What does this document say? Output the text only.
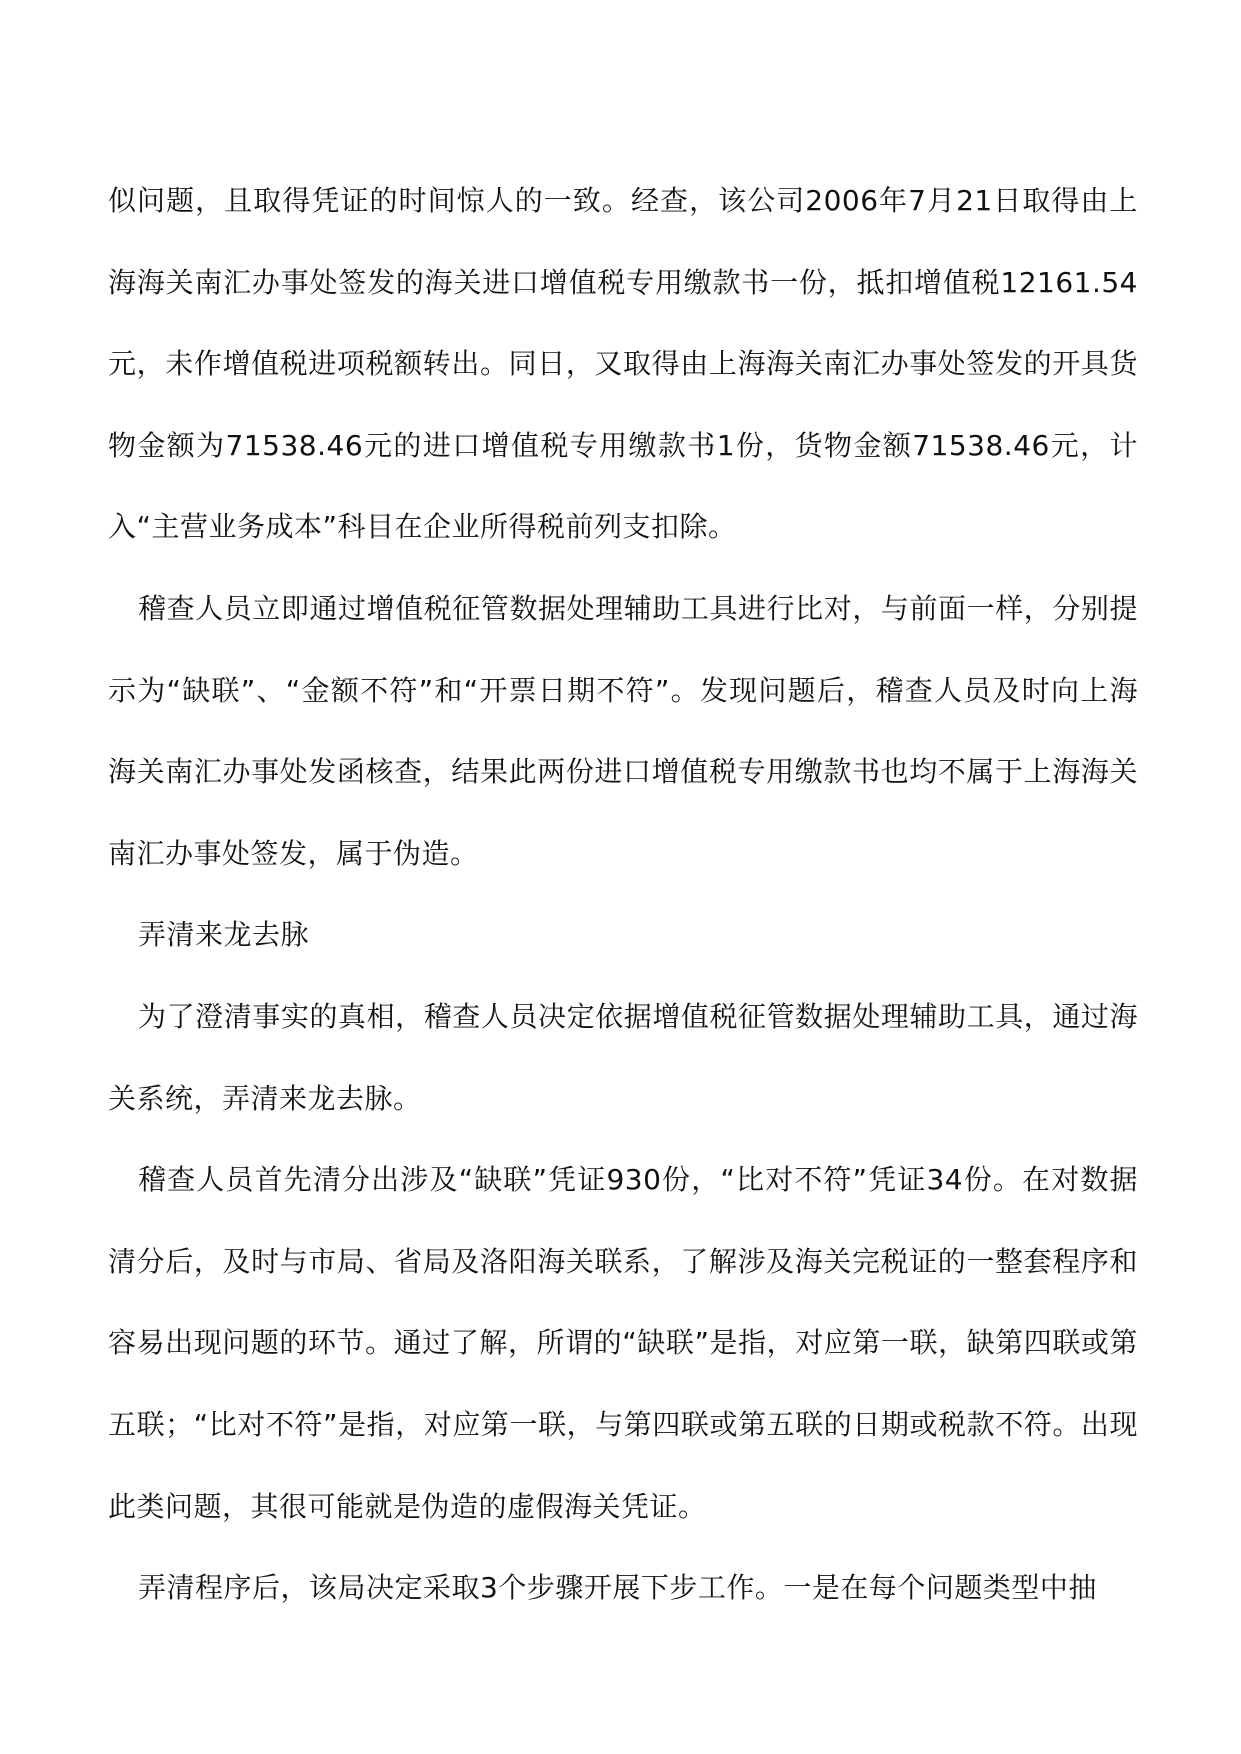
似问题，且取得凭证的时间惊人的一致。经查，该公司2006年7月21日取得由上海海关南汇办事处签发的海关进口增值税专用缴款书一份，抵扣增值税12161.54元，未作增值税进项税额转出。同日，又取得由上海海关南汇办事处签发的开具货物金额为71538.46元的进口增值税专用缴款书1份，货物金额71538.46元，计入“主营业务成本”科目在企业所得税前列支扣除。

稽查人员立即通过增值税征管数据处理辅助工具进行比对，与前面一样，分别提示为“缺联”、“金额不符”和“开票日期不符”。发现问题后，稽查人员及时向上海海关南汇办事处发函核查，结果此两份进口增值税专用缴款书也均不属于上海海关南汇办事处签发，属于伪造。

弄清来龙去脉

为了澄清事实的真相，稽查人员决定依据增值税征管数据处理辅助工具，通过海关系统，弄清来龙去脉。

稽查人员首先清分出涉及“缺联”凭证930份，“比对不符”凭证34份。在对数据清分后，及时与市局、省局及洛阳海关联系，了解涉及海关完税证的一整套程序和容易出现问题的环节。通过了解，所谓的“缺联”是指，对应第一联，缺第四联或第五联；“比对不符”是指，对应第一联，与第四联或第五联的日期或税款不符。出现此类问题，其很可能就是伪造的虚假海关凭证。

弄清程序后，该局决定采取3个步骤开展下步工作。一是在每个问题类型中抽
